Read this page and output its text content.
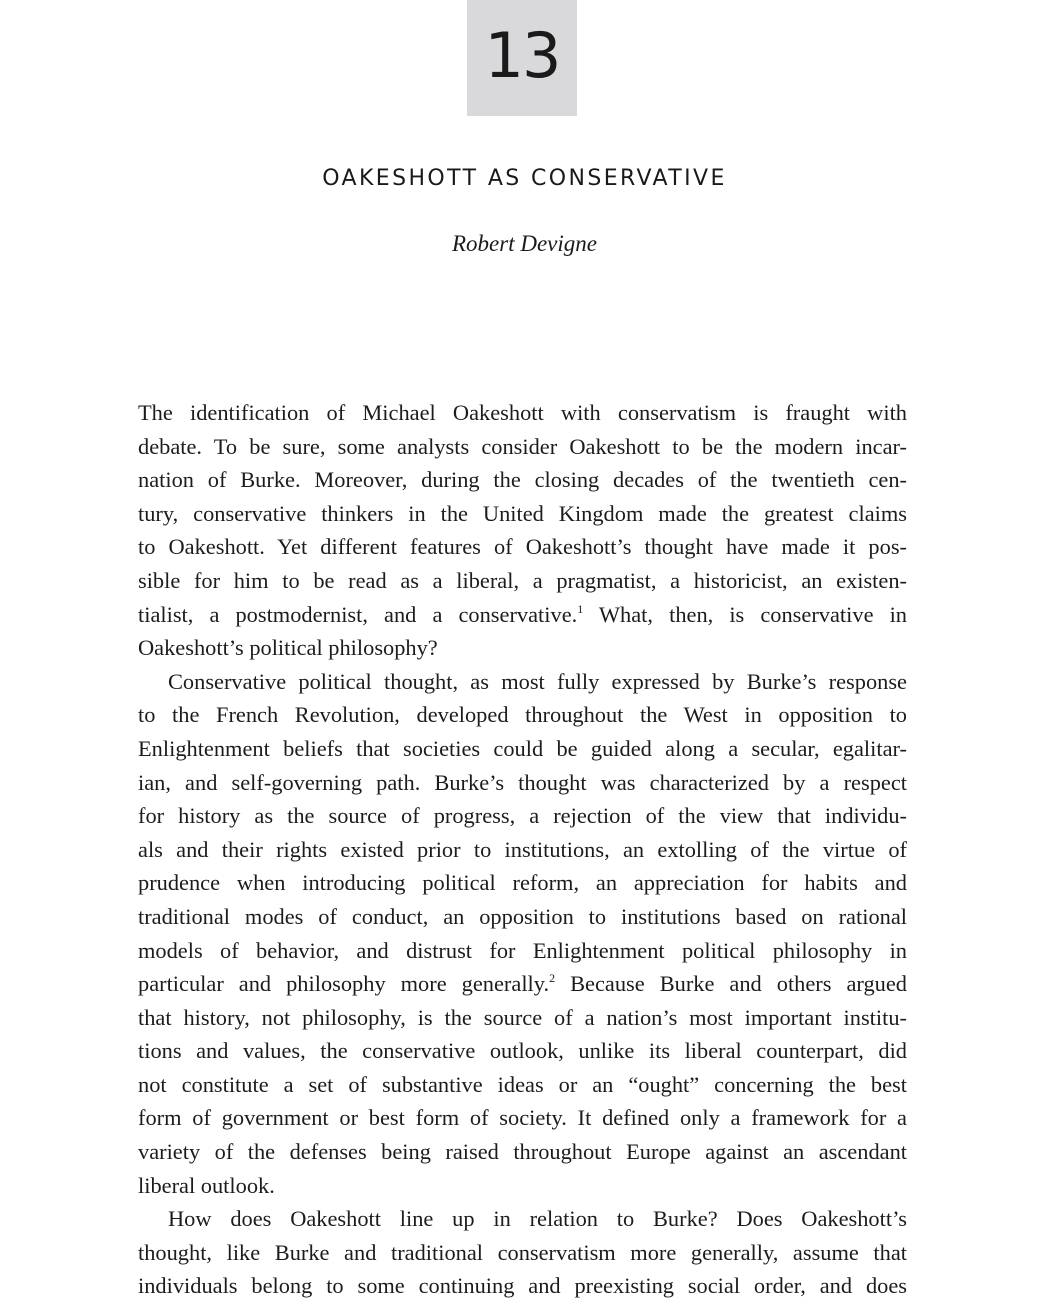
13
OAKESHOTT AS CONSERVATIVE
Robert Devigne

The identification of Michael Oakeshott with conservatism is fraught with
debate. To be sure, some analysts consider Oakeshott to be the modern incar-
nation of Burke. Moreover, during the closing decades of the twentieth cen-
tury, conservative thinkers in the United Kingdom made the greatest claims
to Oakeshott. Yet different features of Oakeshott’s thought have made it pos-
sible for him to be read as a liberal, a pragmatist, a historicist, an existen-
tialist, a postmodernist, and a conservative.$^1$ What, then, is conservative in
Oakeshott’s political philosophy?

Conservative political thought, as most fully expressed by Burke’s response
to the French Revolution, developed throughout the West in opposition to
Enlightenment beliefs that societies could be guided along a secular, egalitar-
ian, and self-governing path. Burke’s thought was characterized by a respect
for history as the source of progress, a rejection of the view that individu-
als and their rights existed prior to institutions, an extolling of the virtue of
prudence when introducing political reform, an appreciation for habits and
traditional modes of conduct, an opposition to institutions based on rational
models of behavior, and distrust for Enlightenment political philosophy in
particular and philosophy more generally.$^2$ Because Burke and others argued
that history, not philosophy, is the source of a nation’s most important institu-
tions and values, the conservative outlook, unlike its liberal counterpart, did
not constitute a set of substantive ideas or an “ought” concerning the best
form of government or best form of society. It defined only a framework for a
variety of the defenses being raised throughout Europe against an ascendant
liberal outlook.

How does Oakeshott line up in relation to Burke? Does Oakeshott’s
thought, like Burke and traditional conservatism more generally, assume that
individuals belong to some continuing and preexisting social order, and does
